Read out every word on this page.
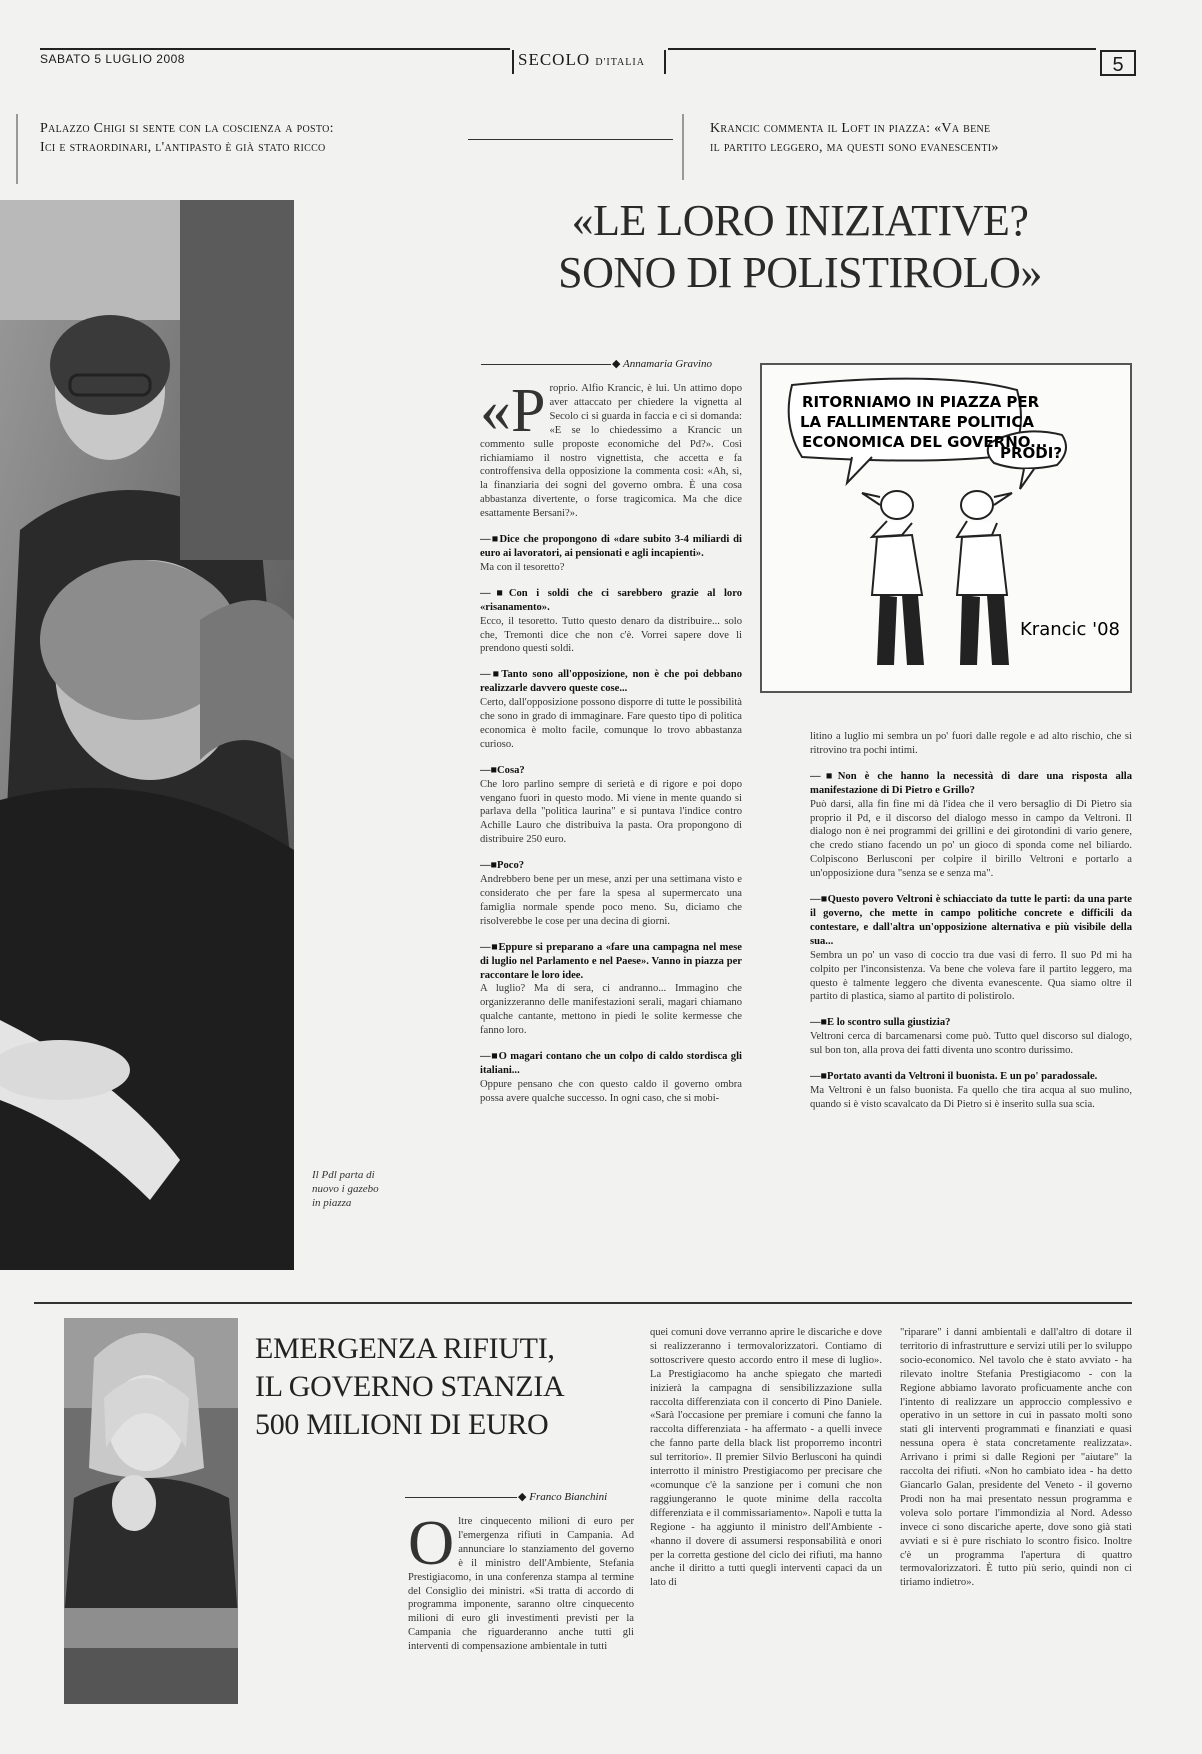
SABATO 5 LUGLIO 2008	SECOLO D'ITALIA	5
Palazzo Chigi si sente con la coscienza a posto:
Ici e straordinari, l'antipasto è già stato ricco
Krancic commenta il Loft in piazza: «Va bene
il partito leggero, ma questi sono evanescenti»
Il Pdl parta di nuovo i gazebo in piazza
«LE LORO INIZIATIVE?
SONO DI POLISTIROLO»
◆ Annamaria Gravino
RITORNIAMO IN PIAZZA PER
LA FALLIMENTARE POLITICA
ECONOMICA DEL GOVERNO...
PRODI?
Krancic '08
«P roprio. Alfio Krancic, è lui. Un attimo dopo aver attaccato per chiedere la vignetta al Secolo ci si guarda in faccia e ci si domanda: «E se lo chiedessimo a Krancic un commento sulle proposte economiche del Pd?». Così richiamiamo il nostro vignettista, che accetta e fa controffensiva della opposizione la commenta così: «Ah, sì, la finanziaria dei sogni del governo ombra. È una cosa abbastanza divertente, o forse tragicomica. Ma che dice esattamente Bersani?».

—■ Dice che propongono di «dare subito 3-4 miliardi di euro ai lavoratori, ai pensionati e agli incapienti».

Ma con il tesoretto?

—■ Con i soldi che ci sarebbero grazie al loro «risanamento».

Ecco, il tesoretto. Tutto questo denaro da distribuire... solo che, Tremonti dice che non c'è. Vorrei sapere dove li prendono questi soldi.

—■ Tanto sono all'opposizione, non è che poi debbano realizzarle davvero queste cose...

Certo, dall'opposizione possono disporre di tutte le possibilità che sono in grado di immaginare. Fare questo tipo di politica economica è molto facile, comunque lo trovo abbastanza curioso.

—■ Cosa?

Che loro parlino sempre di serietà e di rigore e poi dopo vengano fuori in questo modo. Mi viene in mente quando si parlava della "politica laurina" e si puntava l'indice contro Achille Lauro che distribuiva la pasta. Ora propongono di distribuire 250 euro.

—■ Poco?

Andrebbero bene per un mese, anzi per una settimana visto e considerato che per fare la spesa al supermercato una famiglia normale spende poco meno. Su, diciamo che risolverebbe le cose per una decina di giorni.

—■ Eppure si preparano a «fare una campagna nel mese di luglio nel Parlamento e nel Paese». Vanno in piazza per raccontare le loro idee.

A luglio? Ma di sera, ci andranno... Immagino che organizzeranno delle manifestazioni serali, magari chiamano qualche cantante, mettono in piedi le solite kermesse che fanno loro.

—■ O magari contano che un colpo di caldo stordisca gli italiani...

Oppure pensano che con questo caldo il governo ombra possa avere qualche successo. In ogni caso, che si mobi-

litino a luglio mi sembra un po' fuori dalle regole e ad alto rischio, che si ritrovino tra pochi intimi.

—■ Non è che hanno la necessità di dare una risposta alla manifestazione di Di Pietro e Grillo?

Può darsi, alla fin fine mi dà l'idea che il vero bersaglio di Di Pietro sia proprio il Pd, e il discorso del dialogo messo in campo da Veltroni. Il dialogo non è nei programmi dei grillini e dei girotondini di vario genere, che credo stiano facendo un po' un gioco di sponda come nel biliardo. Colpiscono Berlusconi per colpire il birillo Veltroni e portarlo a un'opposizione dura "senza se e senza ma".

—■ Questo povero Veltroni è schiacciato da tutte le parti: da una parte il governo, che mette in campo politiche concrete e difficili da contestare, e dall'altra un'opposizione alternativa e più visibile della sua...

Sembra un po' un vaso di coccio tra due vasi di ferro. Il suo Pd mi ha colpito per l'inconsistenza. Va bene che voleva fare il partito leggero, ma questo è talmente leggero che diventa evanescente. Qua siamo oltre il partito di plastica, siamo al partito di polistirolo.

—■ E lo scontro sulla giustizia?

Veltroni cerca di barcamenarsi come può. Tutto quel discorso sul dialogo, sul bon ton, alla prova dei fatti diventa uno scontro durissimo.

—■ Portato avanti da Veltroni il buonista. E un po' paradossale.

Ma Veltroni è un falso buonista. Fa quello che tira acqua al suo mulino, quando si è visto scavalcato da Di Pietro si è inserito sulla sua scia.

EMERGENZA RIFIUTI,
IL GOVERNO STANZIA
500 MILIONI DI EURO
◆ Franco Bianchini
O ltre cinquecento milioni di euro per l'emergenza rifiuti in Campania. Ad annunciare lo stanziamento del governo è il ministro dell'Ambiente, Stefania Prestigiacomo, in una conferenza stampa al termine del Consiglio dei ministri. «Si tratta di accordo di programma imponente, saranno oltre cinquecento milioni di euro gli investimenti previsti per la Campania che riguarderanno anche tutti gli interventi di compensazione ambientale in tutti
quei comuni dove verranno aprire le discariche e dove si realizzeranno i termovalorizzatori. Contiamo di sottoscrivere questo accordo entro il mese di luglio». La Prestigiacomo ha anche spiegato che martedì inizierà la campagna di sensibilizzazione sulla raccolta differenziata con il concerto di Pino Daniele. «Sarà l'occasione per premiare i comuni che fanno la raccolta differenziata - ha affermato - a quelli invece che fanno parte della black list proporremo incontri sul territorio». Il premier Silvio Berlusconi ha quindi interrotto il ministro Prestigiacomo per precisare che «comunque c'è la sanzione per i comuni che non raggiungeranno le quote minime della raccolta differenziata e il commissariamento». Napoli e tutta la Regione - ha aggiunto il ministro dell'Ambiente - «hanno il dovere di assumersi responsabilità e onori per la corretta gestione del ciclo dei rifiuti, ma hanno anche il diritto a tutti quegli interventi capaci da un lato di
"riparare" i danni ambientali e dall'altro di dotare il territorio di infrastrutture e servizi utili per lo sviluppo socio-economico. Nel tavolo che è stato avviato - ha rilevato inoltre Stefania Prestigiacomo - con la Regione abbiamo lavorato proficuamente anche con l'intento di realizzare un approccio complessivo e operativo in un settore in cui in passato molti sono stati gli interventi programmati e finanziati e quasi nessuna opera è stata concretamente realizzata». Arrivano i primi sì dalle Regioni per "aiutare" la raccolta dei rifiuti. «Non ho cambiato idea - ha detto Giancarlo Galan, presidente del Veneto - il governo Prodi non ha mai presentato nessun programma e voleva solo portare l'immondizia al Nord. Adesso invece ci sono discariche aperte, dove sono già stati avviati e si è pure rischiato lo scontro fisico. Inoltre c'è un programma l'apertura di quattro termovalorizzatori. È tutto più serio, quindi non ci tiriamo indietro».
